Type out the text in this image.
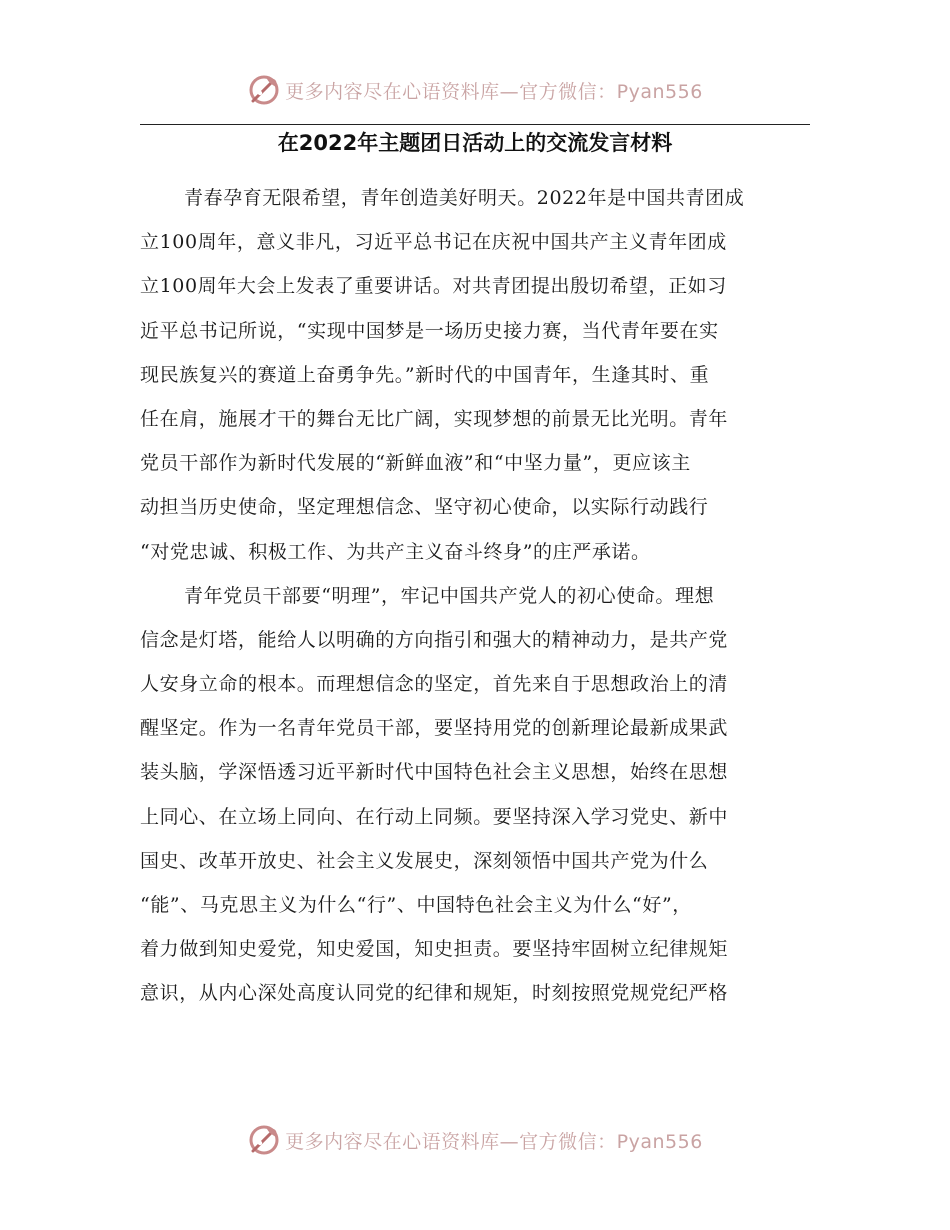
更多内容尽在心语资料库—官方微信：Pyan556
在2022年主题团日活动上的交流发言材料
青春孕育无限希望，青年创造美好明天。2022年是中国共青团成
立100周年，意义非凡，习近平总书记在庆祝中国共产主义青年团成
立100周年大会上发表了重要讲话。对共青团提出殷切希望，正如习
近平总书记所说，“实现中国梦是一场历史接力赛，当代青年要在实
现民族复兴的赛道上奋勇争先。”新时代的中国青年，生逢其时、重
任在肩，施展才干的舞台无比广阔，实现梦想的前景无比光明。青年
党员干部作为新时代发展的“新鲜血液”和“中坚力量”，更应该主
动担当历史使命，坚定理想信念、坚守初心使命，以实际行动践行
“对党忠诚、积极工作、为共产主义奋斗终身”的庄严承诺。
青年党员干部要“明理”，牢记中国共产党人的初心使命。理想
信念是灯塔，能给人以明确的方向指引和强大的精神动力，是共产党
人安身立命的根本。而理想信念的坚定，首先来自于思想政治上的清
醒坚定。作为一名青年党员干部，要坚持用党的创新理论最新成果武
装头脑，学深悟透习近平新时代中国特色社会主义思想，始终在思想
上同心、在立场上同向、在行动上同频。要坚持深入学习党史、新中
国史、改革开放史、社会主义发展史，深刻领悟中国共产党为什么
“能”、马克思主义为什么“行”、中国特色社会主义为什么“好”，
着力做到知史爱党，知史爱国，知史担责。要坚持牢固树立纪律规矩
意识，从内心深处高度认同党的纪律和规矩，时刻按照党规党纪严格
更多内容尽在心语资料库—官方微信：Pyan556
